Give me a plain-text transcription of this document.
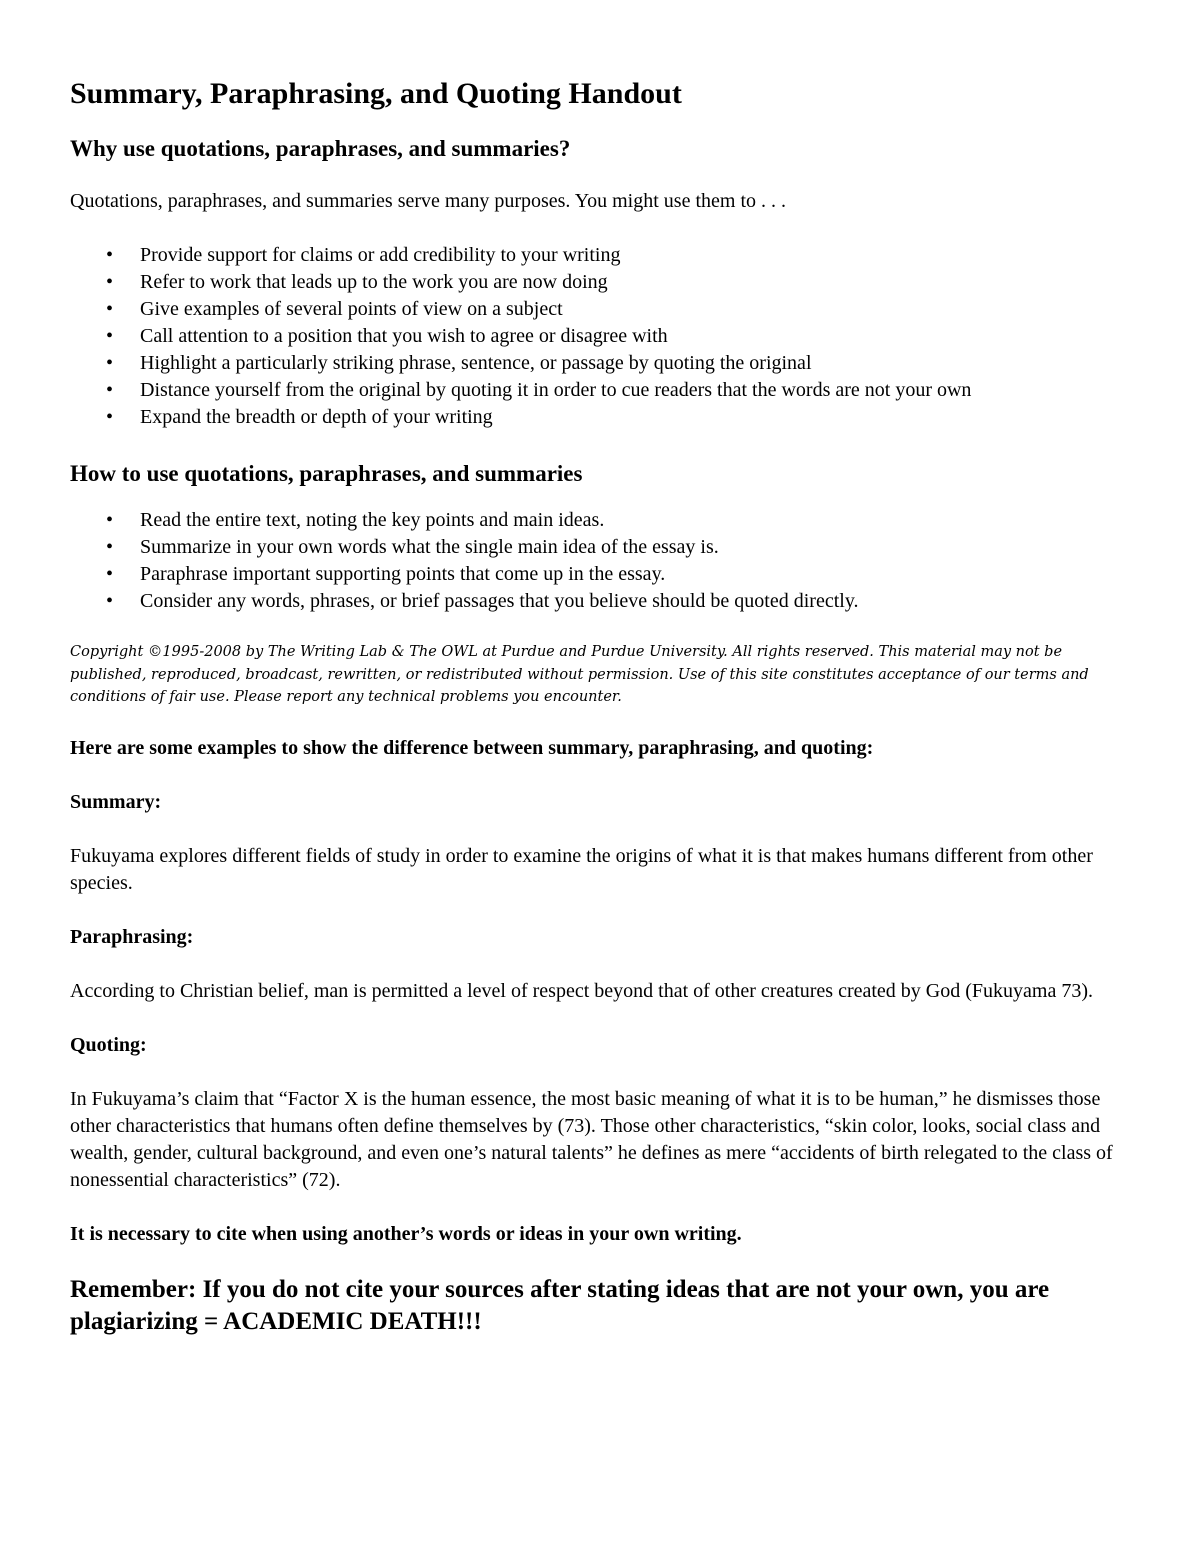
Summary, Paraphrasing, and Quoting Handout
Why use quotations, paraphrases, and summaries?

Quotations, paraphrases, and summaries serve many purposes. You might use them to . . .

• Provide support for claims or add credibility to your writing
• Refer to work that leads up to the work you are now doing
• Give examples of several points of view on a subject
• Call attention to a position that you wish to agree or disagree with
• Highlight a particularly striking phrase, sentence, or passage by quoting the original
• Distance yourself from the original by quoting it in order to cue readers that the words are not your own
• Expand the breadth or depth of your writing
How to use quotations, paraphrases, and summaries
• Read the entire text, noting the key points and main ideas.
• Summarize in your own words what the single main idea of the essay is.
• Paraphrase important supporting points that come up in the essay.
• Consider any words, phrases, or brief passages that you believe should be quoted directly.

Copyright ©1995-2008 by The Writing Lab & The OWL at Purdue and Purdue University. All rights reserved. This material may not be published, reproduced, broadcast, rewritten, or redistributed without permission. Use of this site constitutes acceptance of our terms and conditions of fair use. Please report any technical problems you encounter.

Here are some examples to show the difference between summary, paraphrasing, and quoting:

Summary:

Fukuyama explores different fields of study in order to examine the origins of what it is that makes humans different from other species.

Paraphrasing:

According to Christian belief, man is permitted a level of respect beyond that of other creatures created by God (Fukuyama 73).

Quoting:

In Fukuyama’s claim that “Factor X is the human essence, the most basic meaning of what it is to be human,” he dismisses those other characteristics that humans often define themselves by (73). Those other characteristics, “skin color, looks, social class and wealth, gender, cultural background, and even one’s natural talents” he defines as mere “accidents of birth relegated to the class of nonessential characteristics” (72).

It is necessary to cite when using another’s words or ideas in your own writing.

Remember: If you do not cite your sources after stating ideas that are not your own, you are plagiarizing = ACADEMIC DEATH!!!
